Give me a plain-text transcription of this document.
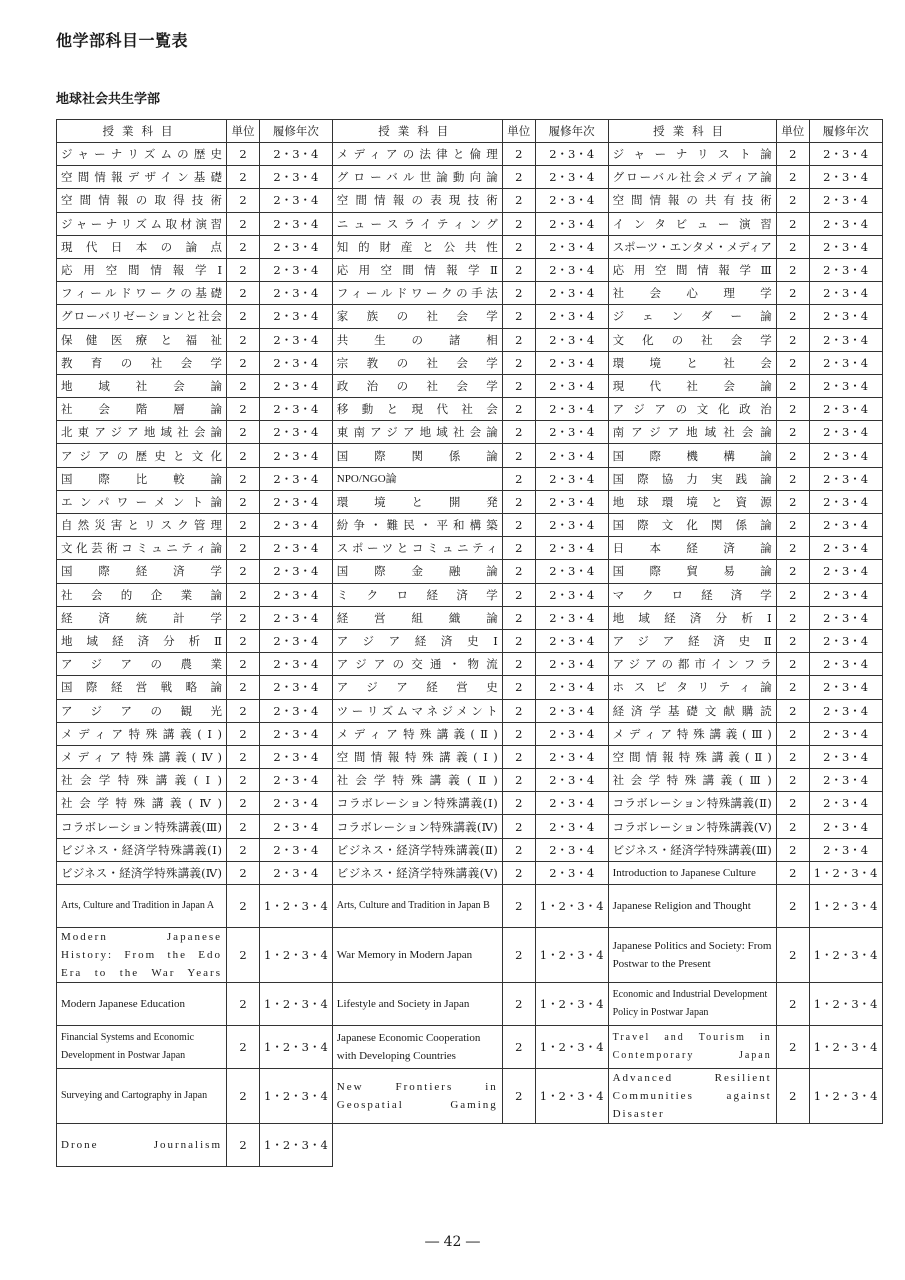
他学部科目一覧表
地球社会共生学部
授業科目	単位	履修年次	授業科目	単位	履修年次	授業科目	単位	履修年次
ジャーナリズムの歴史	2	2・3・4	メディアの法律と倫理	2	2・3・4	ジャーナリスト論	2	2・3・4
空間情報デザイン基礎	2	2・3・4	グローバル世論動向論	2	2・3・4	グローバル社会メディア論	2	2・3・4
空間情報の取得技術	2	2・3・4	空間情報の表現技術	2	2・3・4	空間情報の共有技術	2	2・3・4
ジャーナリズム取材演習	2	2・3・4	ニュースライティング	2	2・3・4	インタビュー演習	2	2・3・4
現代日本の論点	2	2・3・4	知的財産と公共性	2	2・3・4	スポーツ・エンタメ・メディア	2	2・3・4
応用空間情報学Ⅰ	2	2・3・4	応用空間情報学Ⅱ	2	2・3・4	応用空間情報学Ⅲ	2	2・3・4
フィールドワークの基礎	2	2・3・4	フィールドワークの手法	2	2・3・4	社会心理学	2	2・3・4
グローバリゼーションと社会	2	2・3・4	家族の社会学	2	2・3・4	ジェンダー論	2	2・3・4
保健医療と福祉	2	2・3・4	共生の諸相	2	2・3・4	文化の社会学	2	2・3・4
教育の社会学	2	2・3・4	宗教の社会学	2	2・3・4	環境と社会	2	2・3・4
地域社会論	2	2・3・4	政治の社会学	2	2・3・4	現代社会論	2	2・3・4
社会階層論	2	2・3・4	移動と現代社会	2	2・3・4	アジアの文化政治	2	2・3・4
北東アジア地域社会論	2	2・3・4	東南アジア地域社会論	2	2・3・4	南アジア地域社会論	2	2・3・4
アジアの歴史と文化	2	2・3・4	国際関係論	2	2・3・4	国際機構論	2	2・3・4
国際比較論	2	2・3・4	NPO/NGO論	2	2・3・4	国際協力実践論	2	2・3・4
エンパワーメント論	2	2・3・4	環境と開発	2	2・3・4	地球環境と資源	2	2・3・4
自然災害とリスク管理	2	2・3・4	紛争・難民・平和構築	2	2・3・4	国際文化関係論	2	2・3・4
文化芸術コミュニティ論	2	2・3・4	スポーツとコミュニティ	2	2・3・4	日本経済論	2	2・3・4
国際経済学	2	2・3・4	国際金融論	2	2・3・4	国際貿易論	2	2・3・4
社会的企業論	2	2・3・4	ミクロ経済学	2	2・3・4	マクロ経済学	2	2・3・4
経済統計学	2	2・3・4	経営組織論	2	2・3・4	地域経済分析Ⅰ	2	2・3・4
地域経済分析Ⅱ	2	2・3・4	アジア経済史Ⅰ	2	2・3・4	アジア経済史Ⅱ	2	2・3・4
アジアの農業	2	2・3・4	アジアの交通・物流	2	2・3・4	アジアの都市インフラ	2	2・3・4
国際経営戦略論	2	2・3・4	アジア経営史	2	2・3・4	ホスピタリティ論	2	2・3・4
アジアの観光	2	2・3・4	ツーリズムマネジメント	2	2・3・4	経済学基礎文献購読	2	2・3・4
メディア特殊講義(Ⅰ)	2	2・3・4	メディア特殊講義(Ⅱ)	2	2・3・4	メディア特殊講義(Ⅲ)	2	2・3・4
メディア特殊講義(Ⅳ)	2	2・3・4	空間情報特殊講義(Ⅰ)	2	2・3・4	空間情報特殊講義(Ⅱ)	2	2・3・4
社会学特殊講義(Ⅰ)	2	2・3・4	社会学特殊講義(Ⅱ)	2	2・3・4	社会学特殊講義(Ⅲ)	2	2・3・4
社会学特殊講義(Ⅳ)	2	2・3・4	コラボレーション特殊講義(Ⅰ)	2	2・3・4	コラボレーション特殊講義(Ⅱ)	2	2・3・4
コラボレーション特殊講義(Ⅲ)	2	2・3・4	コラボレーション特殊講義(Ⅳ)	2	2・3・4	コラボレーション特殊講義(Ⅴ)	2	2・3・4
ビジネス・経済学特殊講義(Ⅰ)	2	2・3・4	ビジネス・経済学特殊講義(Ⅱ)	2	2・3・4	ビジネス・経済学特殊講義(Ⅲ)	2	2・3・4
ビジネス・経済学特殊講義(Ⅳ)	2	2・3・4	ビジネス・経済学特殊講義(Ⅴ)	2	2・3・4	Introduction to Japanese Culture	2	1・2・3・4
Arts, Culture and Tradition in Japan A	2	1・2・3・4	Arts, Culture and Tradition in Japan B	2	1・2・3・4	Japanese Religion and Thought	2	1・2・3・4
Modern Japanese History: From the Edo Era to the War Years	2	1・2・3・4	War Memory in Modern Japan	2	1・2・3・4	Japanese Politics and Society: From Postwar to the Present	2	1・2・3・4
Modern Japanese Education	2	1・2・3・4	Lifestyle and Society in Japan	2	1・2・3・4	Economic and Industrial Development Policy in Postwar Japan	2	1・2・3・4
Financial Systems and Economic Development in Postwar Japan	2	1・2・3・4	Japanese Economic Cooperation with Developing Countries	2	1・2・3・4	Travel and Tourism in Contemporary Japan	2	1・2・3・4
Surveying and Cartography in Japan	2	1・2・3・4	New Frontiers in Geospatial Gaming	2	1・2・3・4	Advanced Resilient Communities against Disaster	2	1・2・3・4
Drone Journalism	2	1・2・3・4						
― 42 ―
